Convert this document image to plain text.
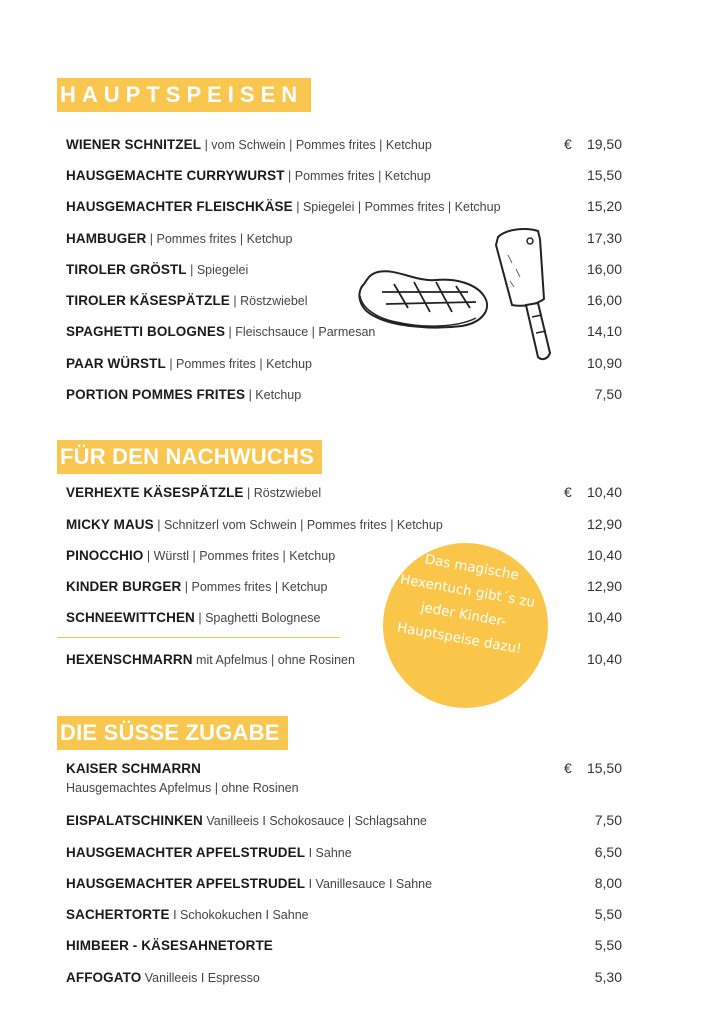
HAUPTSPEISEN
WIENER SCHNITZEL | vom Schwein | Pommes frites | Ketchup	€ 19,50
HAUSGEMACHTE CURRYWURST | Pommes frites | Ketchup	15,50
HAUSGEMACHTER FLEISCHKÄSE | Spiegelei | Pommes frites | Ketchup	15,20
HAMBUGER | Pommes frites | Ketchup	17,30
TIROLER GRÖSTL | Spiegelei	16,00
TIROLER KÄSESPÄTZLE | Röstzwiebel	16,00
SPAGHETTI BOLOGNES | Fleischsauce | Parmesan	14,10
PAAR WÜRSTL | Pommes frites | Ketchup	10,90
PORTION POMMES FRITES | Ketchup	7,50
FÜR DEN NACHWUCHS
VERHEXTE KÄSESPÄTZLE | Röstzwiebel	€ 10,40
MICKY MAUS | Schnitzerl vom Schwein | Pommes frites | Ketchup	12,90
PINOCCHIO | Würstl | Pommes frites | Ketchup	10,40
KINDER BURGER | Pommes frites | Ketchup	12,90
SCHNEEWITTCHEN | Spaghetti Bolognese	10,40
HEXENSCHMARRN mit Apfelmus | ohne Rosinen	10,40
Das magische Hexentuch gibt´s zu jeder Kinder-Hauptspeise dazu!
DIE SÜSSE ZUGABE
KAISER SCHMARRN	€ 15,50
Hausgemachtes Apfelmus | ohne Rosinen
EISPALATSCHINKEN Vanilleeis I Schokosauce | Schlagsahne	7,50
HAUSGEMACHTER APFELSTRUDEL I Sahne	6,50
HAUSGEMACHTER APFELSTRUDEL I Vanillesauce I Sahne	8,00
SACHERTORTE I Schokokuchen I Sahne	5,50
HIMBEER - KÄSESAHNETORTE	5,50
AFFOGATO Vanilleeis I Espresso	5,30
